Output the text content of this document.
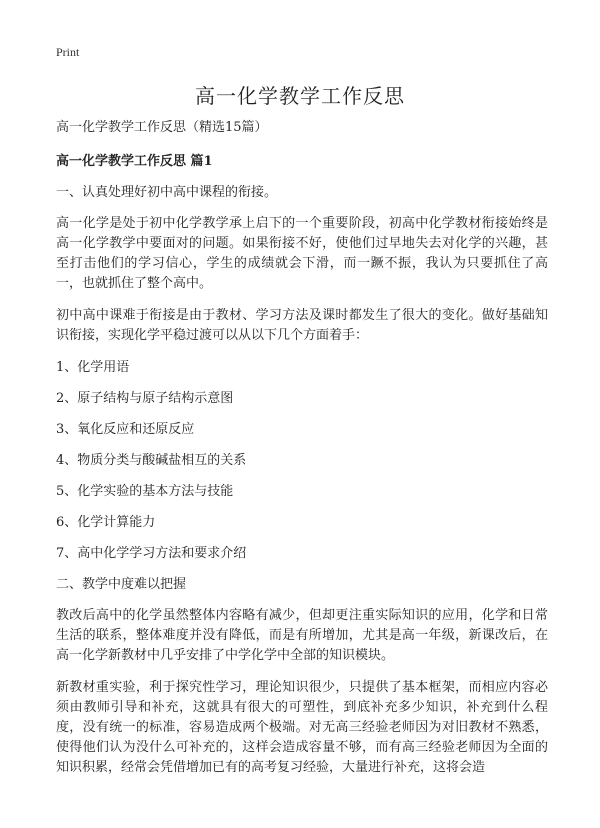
Print
高一化学教学工作反思

高一化学教学工作反思（精选15篇）

高一化学教学工作反思 篇1

一、认真处理好初中高中课程的衔接。

高一化学是处于初中化学教学承上启下的一个重要阶段，初高中化学教材衔接始终是高一化学教学中要面对的问题。如果衔接不好，使他们过早地失去对化学的兴趣，甚至打击他们的学习信心，学生的成绩就会下滑，而一蹶不振，我认为只要抓住了高一，也就抓住了整个高中。

初中高中课难于衔接是由于教材、学习方法及课时都发生了很大的变化。做好基础知识衔接，实现化学平稳过渡可以从以下几个方面着手：

1、化学用语

2、原子结构与原子结构示意图

3、氧化反应和还原反应

4、物质分类与酸碱盐相互的关系

5、化学实验的基本方法与技能

6、化学计算能力

7、高中化学学习方法和要求介绍

二、教学中度难以把握

教改后高中的化学虽然整体内容略有减少，但却更注重实际知识的应用，化学和日常生活的联系，整体难度并没有降低，而是有所增加，尤其是高一年级，新课改后，在高一化学新教材中几乎安排了中学化学中全部的知识模块。

新教材重实验，利于探究性学习，理论知识很少，只提供了基本框架，而相应内容必须由教师引导和补充，这就具有很大的可塑性，到底补充多少知识，补充到什么程度，没有统一的标准，容易造成两个极端。对无高三经验老师因为对旧教材不熟悉，使得他们认为没什么可补充的，这样会造成容量不够，而有高三经验老师因为全面的知识积累，经常会凭借增加已有的高考复习经验，大量进行补充，这将会造
